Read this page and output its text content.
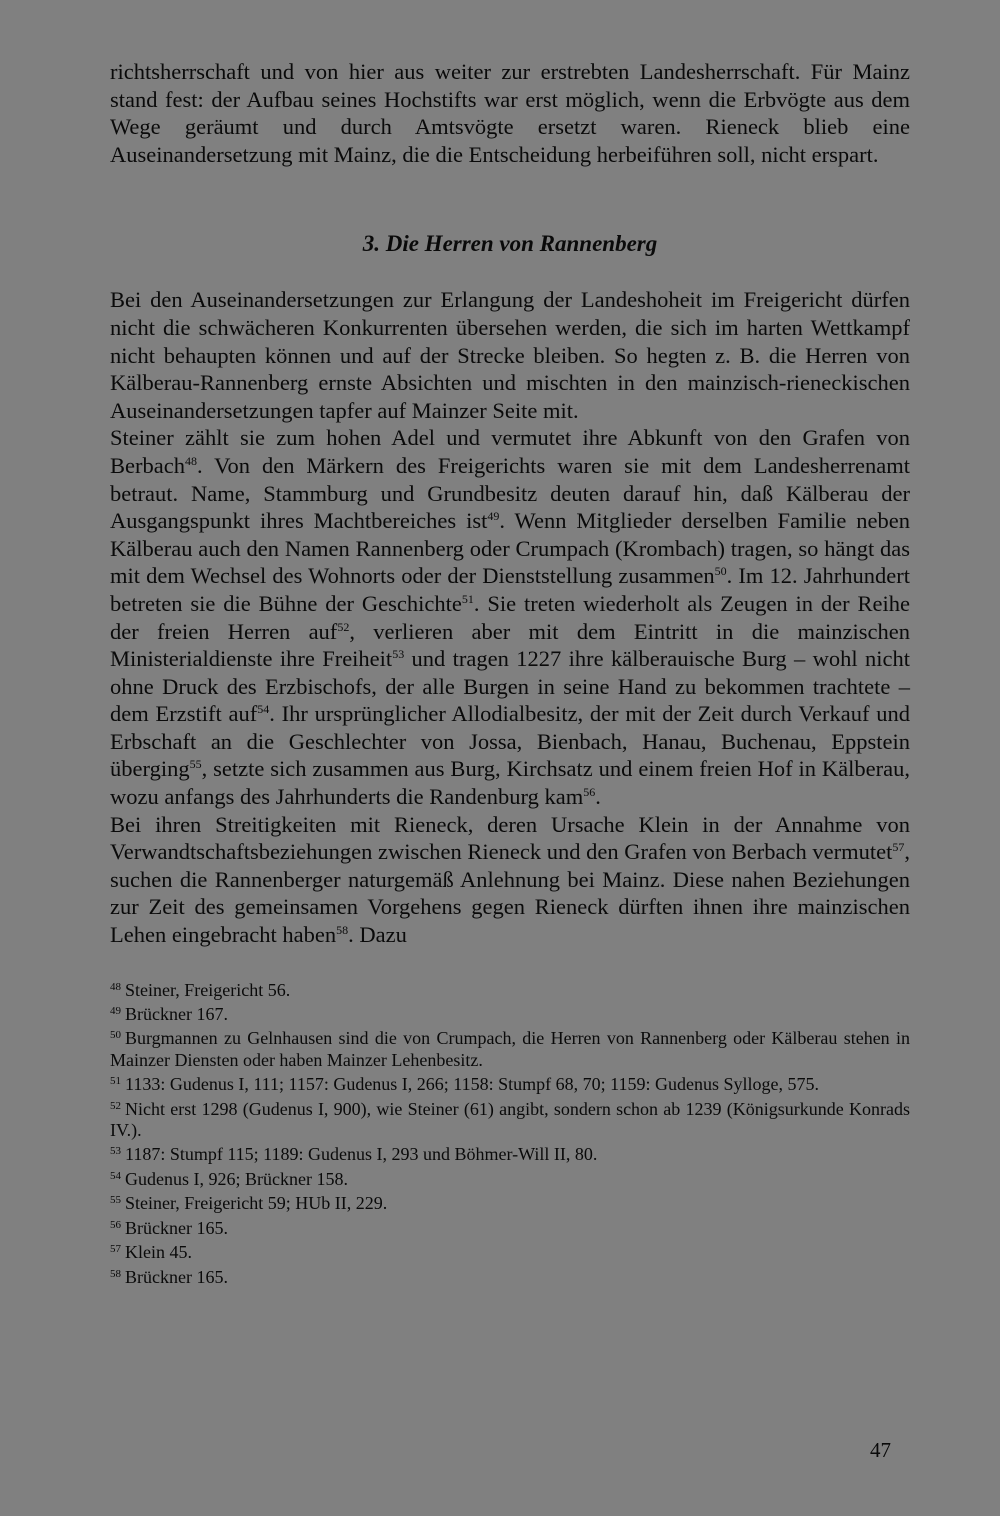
richtsherrschaft und von hier aus weiter zur erstrebten Landesherrschaft. Für Mainz stand fest: der Aufbau seines Hochstifts war erst möglich, wenn die Erbvögte aus dem Wege geräumt und durch Amtsvögte ersetzt waren. Rieneck blieb eine Auseinandersetzung mit Mainz, die die Entscheidung herbeiführen soll, nicht erspart.

3. Die Herren von Rannenberg

Bei den Auseinandersetzungen zur Erlangung der Landeshoheit im Freigericht dürfen nicht die schwächeren Konkurrenten übersehen werden, die sich im harten Wettkampf nicht behaupten können und auf der Strecke bleiben. So hegten z. B. die Herren von Kälberau-Rannenberg ernste Absichten und mischten in den mainzisch-rieneckischen Auseinandersetzungen tapfer auf Mainzer Seite mit.

Steiner zählt sie zum hohen Adel und vermutet ihre Abkunft von den Grafen von Berbach$^{48}$. Von den Märkern des Freigerichts waren sie mit dem Landesherrenamt betraut. Name, Stammburg und Grundbesitz deuten darauf hin, daß Kälberau der Ausgangspunkt ihres Machtbereiches ist$^{49}$. Wenn Mitglieder derselben Familie neben Kälberau auch den Namen Rannenberg oder Crumpach (Krombach) tragen, so hängt das mit dem Wechsel des Wohnorts oder der Dienststellung zusammen$^{50}$. Im 12. Jahrhundert betreten sie die Bühne der Geschichte$^{51}$. Sie treten wiederholt als Zeugen in der Reihe der freien Herren auf$^{52}$, verlieren aber mit dem Eintritt in die mainzischen Ministerialdienste ihre Freiheit$^{53}$ und tragen 1227 ihre kälberauische Burg – wohl nicht ohne Druck des Erzbischofs, der alle Burgen in seine Hand zu bekommen trachtete – dem Erzstift auf$^{54}$. Ihr ursprünglicher Allodialbesitz, der mit der Zeit durch Verkauf und Erbschaft an die Geschlechter von Jossa, Bienbach, Hanau, Buchenau, Eppstein überging$^{55}$, setzte sich zusammen aus Burg, Kirchsatz und einem freien Hof in Kälberau, wozu anfangs des Jahrhunderts die Randenburg kam$^{56}$.

Bei ihren Streitigkeiten mit Rieneck, deren Ursache Klein in der Annahme von Verwandtschaftsbeziehungen zwischen Rieneck und den Grafen von Berbach vermutet$^{57}$, suchen die Rannenberger naturgemäß Anlehnung bei Mainz. Diese nahen Beziehungen zur Zeit des gemeinsamen Vorgehens gegen Rieneck dürften ihnen ihre mainzischen Lehen eingebracht haben$^{58}$. Dazu

$^{48}$ Steiner, Freigericht 56.

$^{49}$ Brückner 167.

$^{50}$ Burgmannen zu Gelnhausen sind die von Crumpach, die Herren von Rannenberg oder Kälberau stehen in Mainzer Diensten oder haben Mainzer Lehenbesitz.

$^{51}$ 1133: Gudenus I, 111; 1157: Gudenus I, 266; 1158: Stumpf 68, 70; 1159: Gudenus Sylloge, 575.

$^{52}$ Nicht erst 1298 (Gudenus I, 900), wie Steiner (61) angibt, sondern schon ab 1239 (Königsurkunde Konrads IV.).

$^{53}$ 1187: Stumpf 115; 1189: Gudenus I, 293 und Böhmer-Will II, 80.

$^{54}$ Gudenus I, 926; Brückner 158.

$^{55}$ Steiner, Freigericht 59; HUb II, 229.

$^{56}$ Brückner 165.

$^{57}$ Klein 45.

$^{58}$ Brückner 165.

47
